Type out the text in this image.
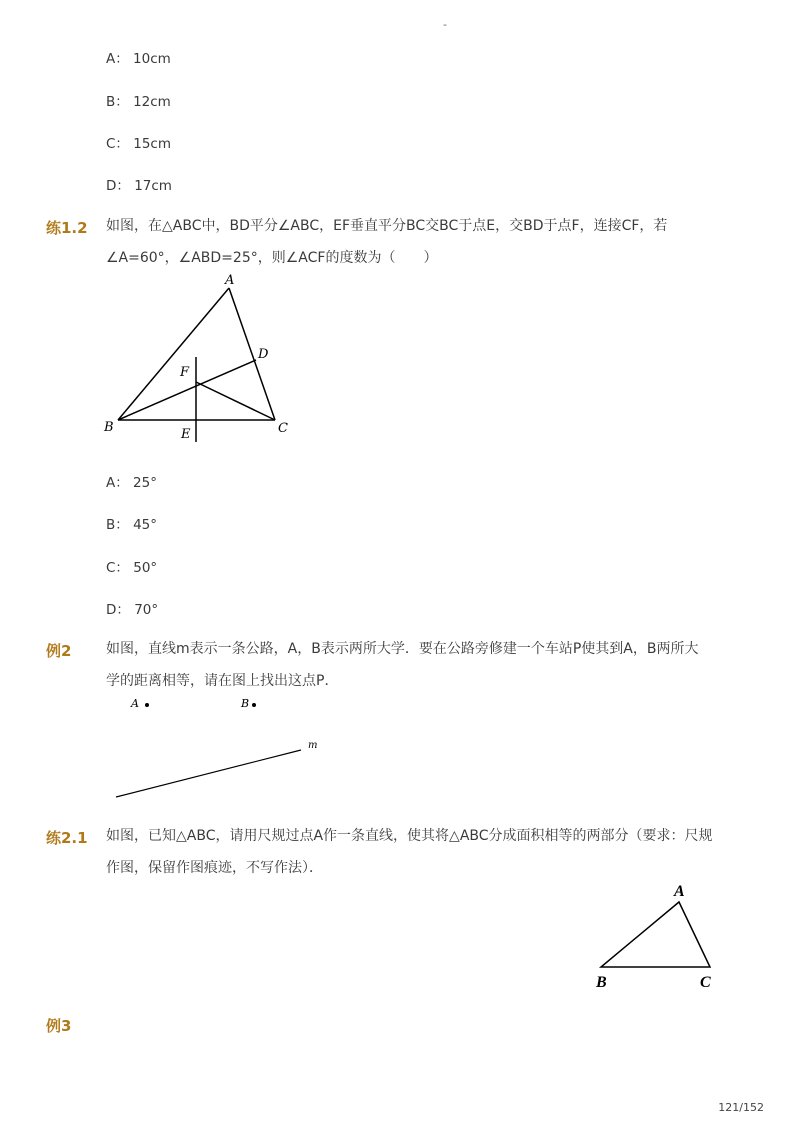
-
A： 10cm
B： 12cm
C： 15cm
D： 17cm
练1.2 如图，在△ABC中，BD平分∠ABC，EF垂直平分BC交BC于点E，交BD于点F，连接CF，若
∠A=60°，∠ABD=25°，则∠ACF的度数为（　　）
A
B	C
D
E
F
A： 25°
B： 45°
C： 50°
D： 70°
例2 如图，直线m表示一条公路，A，B表示两所大学．要在公路旁修建一个车站P使其到A，B两所大
学的距离相等，请在图上找出这点P．
A	B
m
练2.1 如图，已知△ABC，请用尺规过点A作一条直线，使其将△ABC分成面积相等的两部分（要求：尺规
作图，保留作图痕迹，不写作法）．
A
B	C
例3
121/152
